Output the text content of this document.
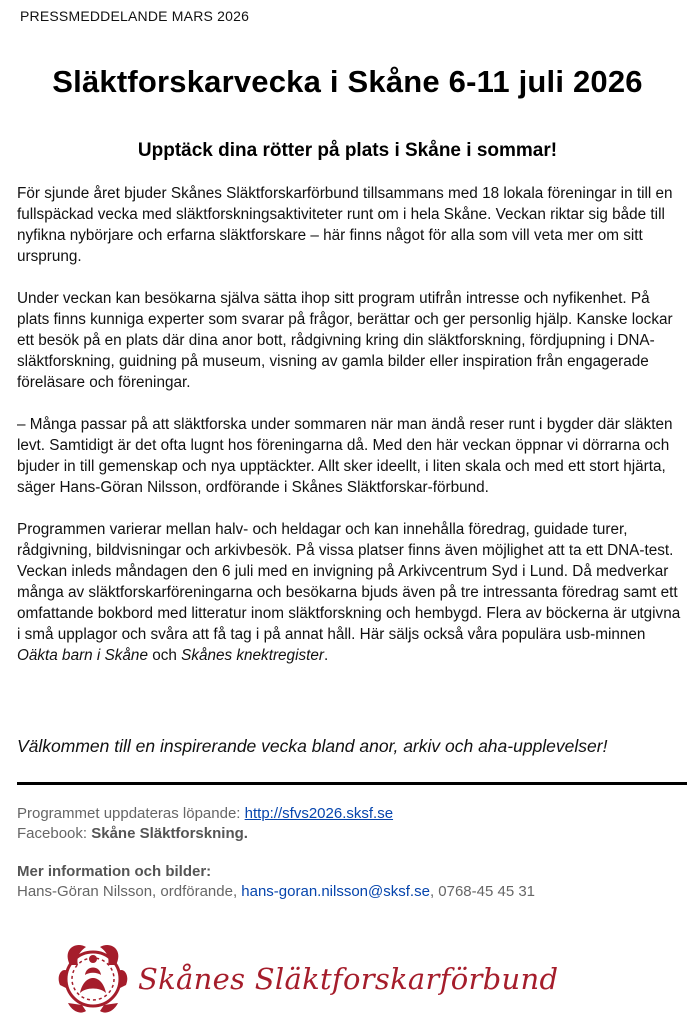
PRESSMEDDELANDE MARS 2026
Släktforskarvecka i Skåne 6-11 juli 2026
Upptäck dina rötter på plats i Skåne i sommar!

För sjunde året bjuder Skånes Släktforskarförbund tillsammans med 18 lokala föreningar in till en fullspäckad vecka med släktforskningsaktiviteter runt om i hela Skåne. Veckan riktar sig både till nyfikna nybörjare och erfarna släktforskare – här finns något för alla som vill veta mer om sitt ursprung.

Under veckan kan besökarna själva sätta ihop sitt program utifrån intresse och nyfikenhet. På plats finns kunniga experter som svarar på frågor, berättar och ger personlig hjälp. Kanske lockar ett besök på en plats där dina anor bott, rådgivning kring din släktforskning, fördjupning i DNA-släktforskning, guidning på museum, visning av gamla bilder eller inspiration från engagerade föreläsare och föreningar.

– Många passar på att släktforska under sommaren när man ändå reser runt i bygder där släkten levt. Samtidigt är det ofta lugnt hos föreningarna då. Med den här veckan öppnar vi dörrarna och bjuder in till gemenskap och nya upptäckter. Allt sker ideellt, i liten skala och med ett stort hjärta, säger Hans-Göran Nilsson, ordförande i Skånes Släktforskar-förbund.

Programmen varierar mellan halv- och heldagar och kan innehålla föredrag, guidade turer, rådgivning, bildvisningar och arkivbesök. På vissa platser finns även möjlighet att ta ett DNA-test. Veckan inleds måndagen den 6 juli med en invigning på Arkivcentrum Syd i Lund. Då medverkar många av släktforskarföreningarna och besökarna bjuds även på tre intressanta föredrag samt ett omfattande bokbord med litteratur inom släktforskning och hembygd. Flera av böckerna är utgivna i små upplagor och svåra att få tag i på annat håll. Här säljs också våra populära usb-minnen Oäkta barn i Skåne och Skånes knektregister.

Välkommen till en inspirerande vecka bland anor, arkiv och aha-upplevelser!
Programmet uppdateras löpande: http://sfvs2026.sksf.se
Facebook: Skåne Släktforskning.
Mer information och bilder:
Hans-Göran Nilsson, ordförande, hans-goran.nilsson@sksf.se, 0768-45 45 31
Skånes Släktforskarförbund
